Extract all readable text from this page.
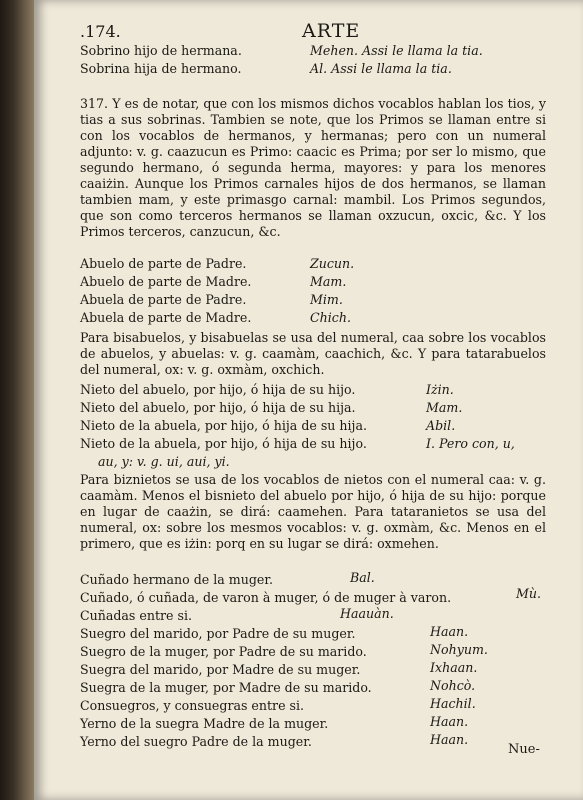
.174.	ARTE
Sobrino hijo de hermana.	Mehen. Assi le llama la tia.
Sobrina hija de hermano.	Al. Assi le llama la tia.

317. Y es de notar, que con los mismos dichos vocablos hablan los tios, y tias a sus sobrinas. Tambien se note, que los Primos se llaman entre si con los vocablos de hermanos, y hermanas; pero con un numeral adjunto: v. g. caazucun es Primo: caacic es Prima; por ser lo mismo, que segundo hermano, ó segunda herma, mayores: y para los menores caaiżin. Aunque los Primos carnales hijos de dos hermanos, se llaman tambien mam, y este primasgo carnal: mambil. Los Primos segundos, que son como terceros hermanos se llaman oxzucun, oxcic, &c. Y los Primos terceros, canzucun, &c.

Abuelo de parte de Padre.	Zucun.
Abuelo de parte de Madre.	Mam.
Abuela de parte de Padre.	Mim.
Abuela de parte de Madre.	Chich.

Para bisabuelos, y bisabuelas se usa del numeral, caa sobre los vocablos de abuelos, y abuelas: v. g. caamàm, caachich, &c. Y para tatarabuelos del numeral, ox: v. g. oxmàm, oxchich.

Nieto del abuelo, por hijo, ó hija de su hijo.	Iżin.
Nieto del abuelo, por hijo, ó hija de su hija.	Mam.
Nieto de la abuela, por hijo, ó hija de su hija.	Abil.
Nieto de la abuela, por hijo, ó hija de su hijo.	I. Pero con, u,
au, y: v. g. ui, aui, yi.

Para biznietos se usa de los vocablos de nietos con el numeral caa: v. g. caamàm. Menos el bisnieto del abuelo por hijo, ó hija de su hijo: porque en lugar de caażin, se dirá: caamehen. Para tataranietos se usa del numeral, ox: sobre los mesmos vocablos: v. g. oxmàm, &c. Menos en el primero, que es iżin: porq en su lugar se dirá: oxmehen.

Cuñado hermano de la muger.	Bal.
Cuñado, ó cuñada, de varon à muger, ó de muger à varon.	Mù.
Cuñadas entre si.	Haauàn.
Suegro del marido, por Padre de su muger.	Haan.
Suegro de la muger, por Padre de su marido.	Nohyum.
Suegra del marido, por Madre de su muger.	Ixhaan.
Suegra de la muger, por Madre de su marido.	Nohcò.
Consuegros, y consuegras entre si.	Hachil.
Yerno de la suegra Madre de la muger.	Haan.
Yerno del suegro Padre de la muger.	Haan.
Nue-
